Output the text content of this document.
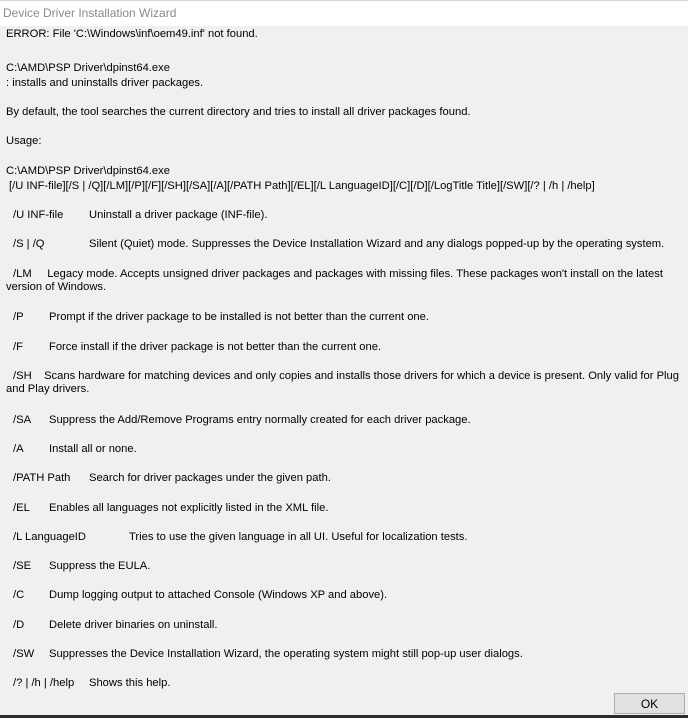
Device Driver Installation Wizard
ERROR: File 'C:\Windows\inf\oem49.inf' not found.
C:\AMD\PSP Driver\dpinst64.exe
: installs and uninstalls driver packages.
By default, the tool searches the current directory and tries to install all driver packages found.
Usage:
C:\AMD\PSP Driver\dpinst64.exe
[/U INF-file][/S | /Q][/LM][/P][/F][/SH][/SA][/A][/PATH Path][/EL][/L LanguageID][/C][/D][/LogTitle Title][/SW][/? | /h | /help]
/U INF-file Uninstall a driver package (INF-file).
/S | /Q	Silent (Quiet) mode. Suppresses the Device Installation Wizard and any dialogs popped-up by the operating system.
/LM Legacy mode. Accepts unsigned driver packages and packages with missing files. These packages won't install on the latest version of Windows.
/P Prompt if the driver package to be installed is not better than the current one.
/F Force install if the driver package is not better than the current one.
/SH Scans hardware for matching devices and only copies and installs those drivers for which a device is present. Only valid for Plug and Play drivers.
/SA Suppress the Add/Remove Programs entry normally created for each driver package.
/A Install all or none.
/PATH Path Search for driver packages under the given path.
/EL Enables all languages not explicitly listed in the XML file.
/L LanguageID	Tries to use the given language in all UI. Useful for localization tests.
/SE Suppress the EULA.
/C Dump logging output to attached Console (Windows XP and above).
/D Delete driver binaries on uninstall.
/SW Suppresses the Device Installation Wizard, the operating system might still pop-up user dialogs.
/? | /h | /help Shows this help.
OK
